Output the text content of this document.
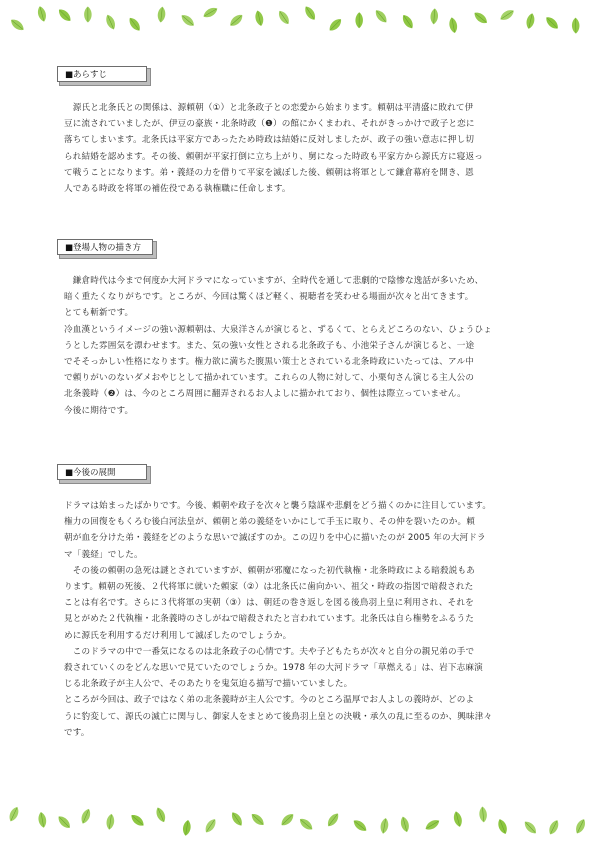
■あらすじ

　源氏と北条氏との関係は、源頼朝（①）と北条政子との恋愛から始まります。頼朝は平清盛に敗れて伊
豆に流されていましたが、伊豆の豪族・北条時政（❶）の館にかくまわれ、それがきっかけで政子と恋に
落ちてしまいます。北条氏は平家方であったため時政は結婚に反対しましたが、政子の強い意志に押し切
られ結婚を認めます。その後、頼朝が平家打倒に立ち上がり、舅になった時政も平家方から源氏方に寝返っ
て戦うことになります。弟・義経の力を借りて平家を滅ぼした後、頼朝は将軍として鎌倉幕府を開き、恩
人である時政を将軍の補佐役である執権職に任命します。

■登場人物の描き方

　鎌倉時代は今まで何度か大河ドラマになっていますが、全時代を通して悲劇的で陰惨な逸話が多いため、
暗く重たくなりがちです。ところが、今回は驚くほど軽く、視聴者を笑わせる場面が次々と出てきます。
とても斬新です。
冷血漢というイメージの強い源頼朝は、大泉洋さんが演じると、ずるくて、とらえどころのない、ひょうひょ
うとした雰囲気を漂わせます。また、気の強い女性とされる北条政子も、小池栄子さんが演じると、一途
でそそっかしい性格になります。権力欲に満ちた腹黒い策士とされている北条時政にいたっては、アル中
で頼りがいのないダメおやじとして描かれています。これらの人物に対して、小栗旬さん演じる主人公の
北条義時（❷）は、今のところ周囲に翻弄されるお人よしに描かれており、個性は際立っていません。
今後に期待です。

■今後の展開

ドラマは始まったばかりです。今後、頼朝や政子を次々と襲う陰謀や悲劇をどう描くのかに注目しています。
権力の回復をもくろむ後白河法皇が、頼朝と弟の義経をいかにして手玉に取り、その仲を裂いたのか。頼
朝が血を分けた弟・義経をどのような思いで滅ぼすのか。この辺りを中心に描いたのが 2005 年の大河ドラ
マ「義経」でした。
　その後の頼朝の急死は謎とされていますが、頼朝が邪魔になった初代執権・北条時政による暗殺説もあ
ります。頼朝の死後、２代将軍に就いた頼家（②）は北条氏に歯向かい、祖父・時政の指図で暗殺された
ことは有名です。さらに３代将軍の実朝（③）は、朝廷の巻き返しを図る後鳥羽上皇に利用され、それを
見とがめた２代執権・北条義時のさしがねで暗殺されたと言われています。北条氏は自ら権勢をふるうた
めに源氏を利用するだけ利用して滅ぼしたのでしょうか。
　このドラマの中で一番気になるのは北条政子の心情です。夫や子どもたちが次々と自分の親兄弟の手で
殺されていくのをどんな思いで見ていたのでしょうか。1978 年の大河ドラマ「草燃える」は、岩下志麻演
じる北条政子が主人公で、そのあたりを鬼気迫る描写で描いていました。
ところが今回は、政子ではなく弟の北条義時が主人公です。今のところ温厚でお人よしの義時が、どのよ
うに豹変して、源氏の滅亡に関与し、御家人をまとめて後鳥羽上皇との決戦・承久の乱に至るのか、興味津々
です。
